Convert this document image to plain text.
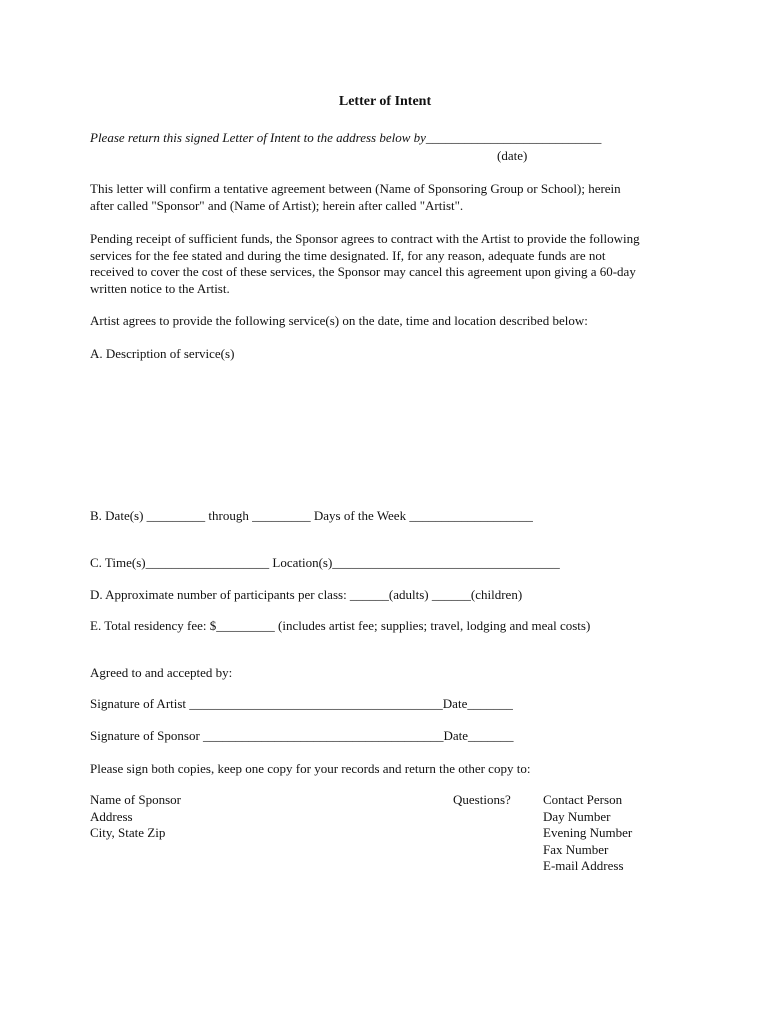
Letter of Intent
Please return this signed Letter of Intent to the address below by___________________________
(date)
This letter will confirm a tentative agreement between (Name of Sponsoring Group or School); herein
after called "Sponsor" and (Name of Artist); herein after called "Artist".
Pending receipt of sufficient funds, the Sponsor agrees to contract with the Artist to provide the following
services for the fee stated and during the time designated. If, for any reason, adequate funds are not
received to cover the cost of these services, the Sponsor may cancel this agreement upon giving a 60-day
written notice to the Artist.
Artist agrees to provide the following service(s) on the date, time and location described below:
A. Description of service(s)
B. Date(s) _________ through _________ Days of the Week ___________________
C. Time(s)___________________ Location(s)___________________________________
D. Approximate number of participants per class: ______(adults) ______(children)
E. Total residency fee: $_________ (includes artist fee; supplies; travel, lodging and meal costs)
Agreed to and accepted by:
Signature of Artist _______________________________________Date_______
Signature of Sponsor _____________________________________Date_______
Please sign both copies, keep one copy for your records and return the other copy to:
Name of Sponsor
Address
City, State Zip
Questions? Contact Person
Day Number
Evening Number
Fax Number
E-mail Address
